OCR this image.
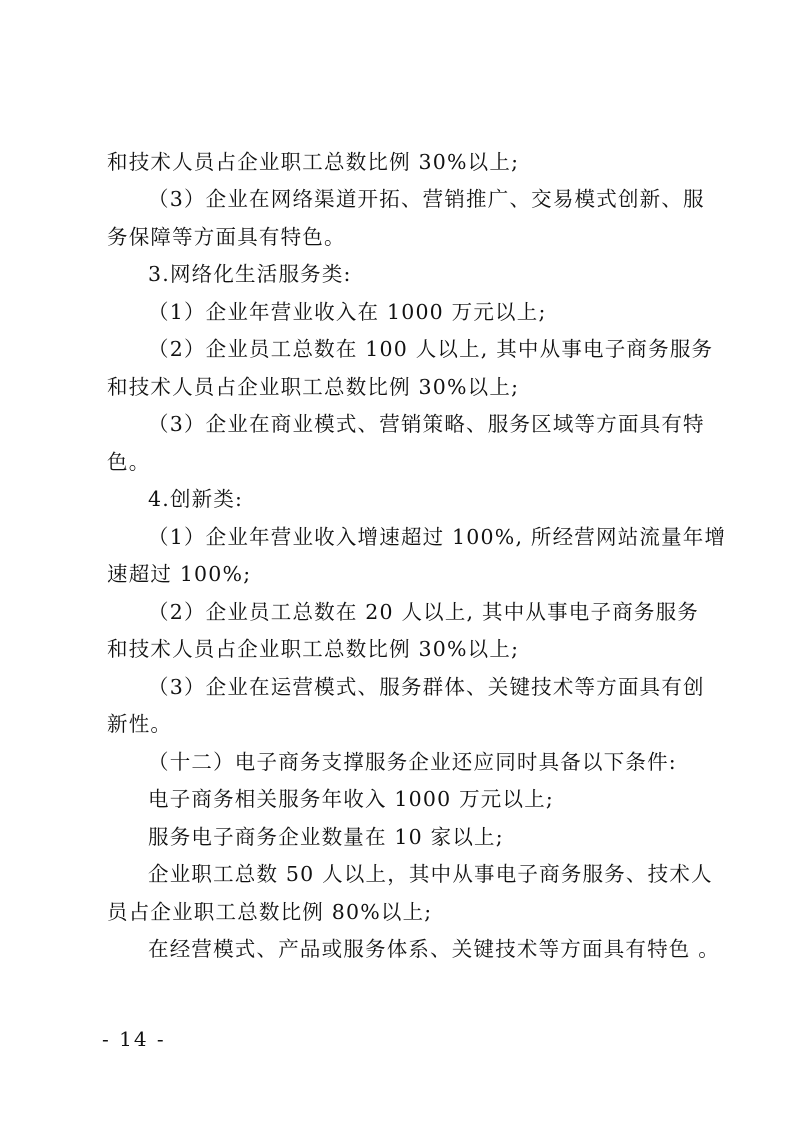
和技术人员占企业职工总数比例 30%以上;
（3）企业在网络渠道开拓、营销推广、交易模式创新、服
务保障等方面具有特色。
3.网络化生活服务类:
（1）企业年营业收入在 1000 万元以上;
（2）企业员工总数在 100 人以上, 其中从事电子商务服务
和技术人员占企业职工总数比例 30%以上;
（3）企业在商业模式、营销策略、服务区域等方面具有特
色。
4.创新类:
（1）企业年营业收入增速超过 100%, 所经营网站流量年增
速超过 100%;
（2）企业员工总数在 20 人以上, 其中从事电子商务服务
和技术人员占企业职工总数比例 30%以上;
（3）企业在运营模式、服务群体、关键技术等方面具有创
新性。
（十二）电子商务支撑服务企业还应同时具备以下条件:
电子商务相关服务年收入 1000 万元以上;
服务电子商务企业数量在 10 家以上;
企业职工总数 50 人以上，其中从事电子商务服务、技术人
员占企业职工总数比例 80%以上;
在经营模式、产品或服务体系、关键技术等方面具有特色 。
- 14 -
